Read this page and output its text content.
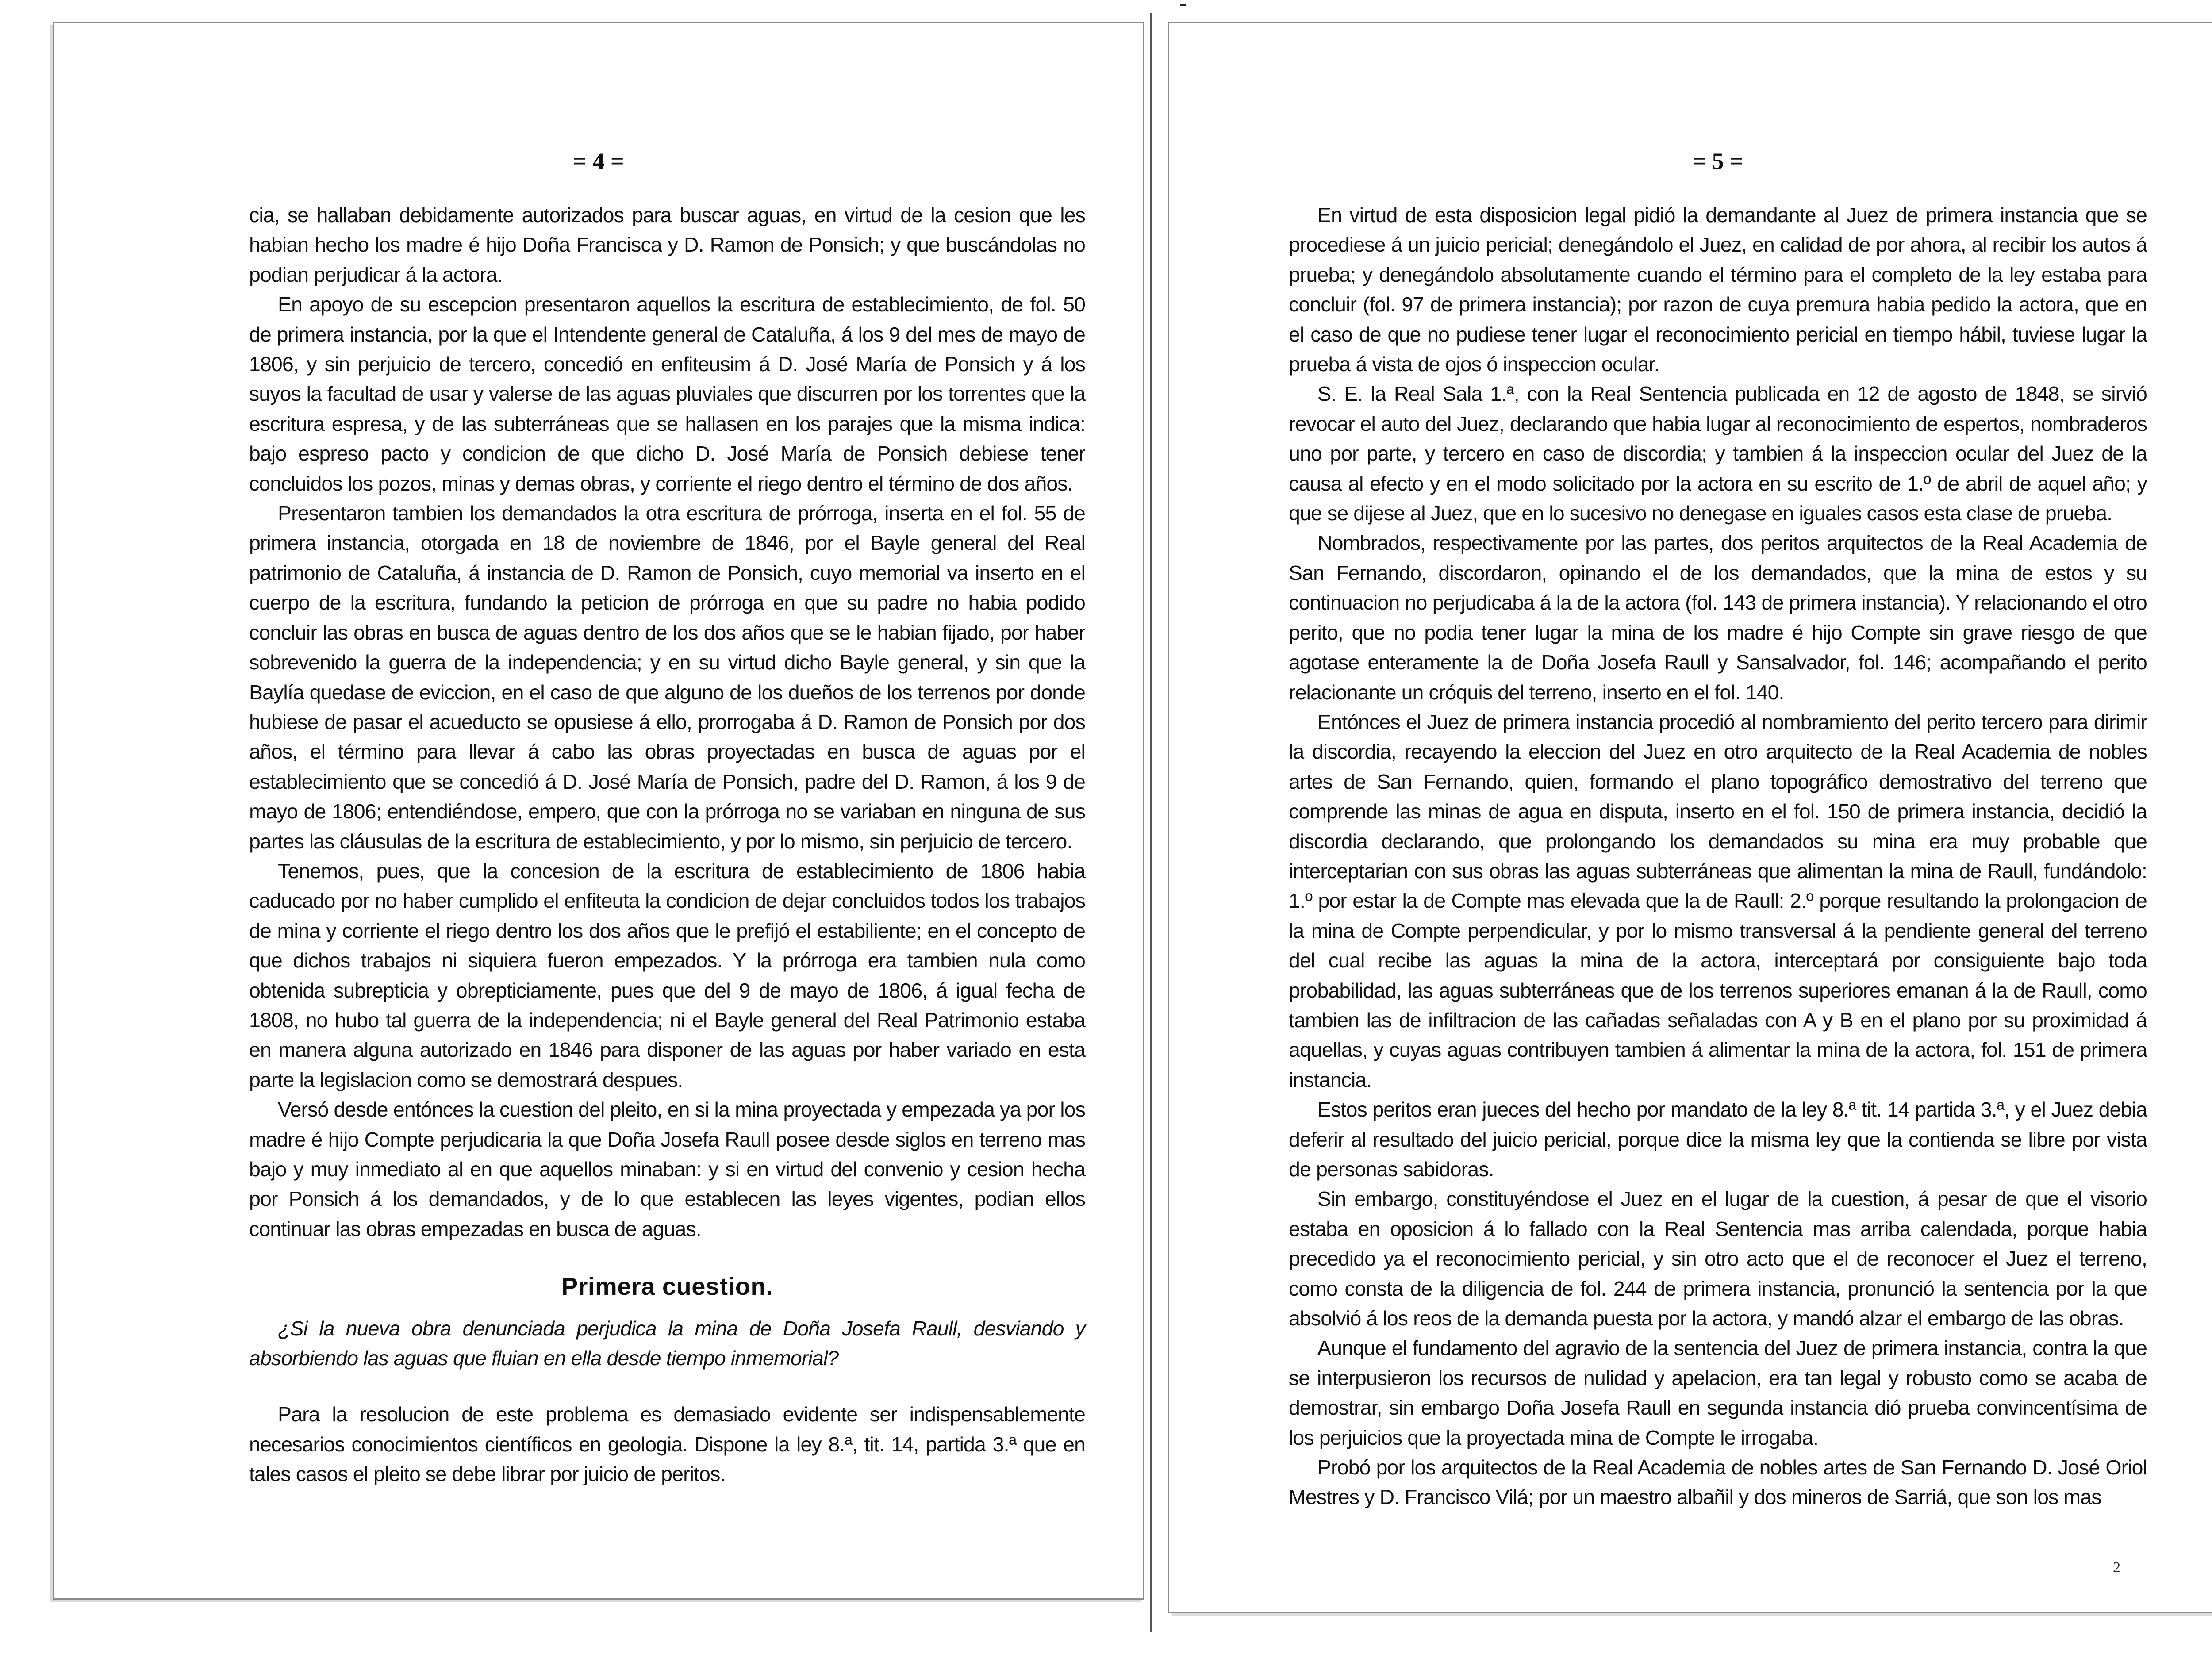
= 4 =

cia, se hallaban debidamente autorizados para buscar aguas, en virtud de la cesion que les habian hecho los madre é hijo Doña Francisca y D. Ramon de Ponsich; y que buscándolas no podian perjudicar á la actora.

En apoyo de su escepcion presentaron aquellos la escritura de establecimiento, de fol. 50 de primera instancia, por la que el Intendente general de Cataluña, á los 9 del mes de mayo de 1806, y sin perjuicio de tercero, concedió en enfiteusim á D. José María de Ponsich y á los suyos la facultad de usar y valerse de las aguas pluviales que discurren por los torrentes que la escritura espresa, y de las subterráneas que se hallasen en los parajes que la misma indica: bajo espreso pacto y condicion de que dicho D. José María de Ponsich debiese tener concluidos los pozos, minas y demas obras, y corriente el riego dentro el término de dos años.

Presentaron tambien los demandados la otra escritura de prórroga, inserta en el fol. 55 de primera instancia, otorgada en 18 de noviembre de 1846, por el Bayle general del Real patrimonio de Cataluña, á instancia de D. Ramon de Ponsich, cuyo memorial va inserto en el cuerpo de la escritura, fundando la peticion de prórroga en que su padre no habia podido concluir las obras en busca de aguas dentro de los dos años que se le habian fijado, por haber sobrevenido la guerra de la independencia; y en su virtud dicho Bayle general, y sin que la Baylía quedase de eviccion, en el caso de que alguno de los dueños de los terrenos por donde hubiese de pasar el acueducto se opusiese á ello, prorrogaba á D. Ramon de Ponsich por dos años, el término para llevar á cabo las obras proyectadas en busca de aguas por el establecimiento que se concedió á D. José María de Ponsich, padre del D. Ramon, á los 9 de mayo de 1806; entendiéndose, empero, que con la prórroga no se variaban en ninguna de sus partes las cláusulas de la escritura de establecimiento, y por lo mismo, sin perjuicio de tercero.

Tenemos, pues, que la concesion de la escritura de establecimiento de 1806 habia caducado por no haber cumplido el enfiteuta la condicion de dejar concluidos todos los trabajos de mina y corriente el riego dentro los dos años que le prefijó el estabiliente; en el concepto de que dichos trabajos ni siquiera fueron empezados. Y la prórroga era tambien nula como obtenida subrepticia y obrepticiamente, pues que del 9 de mayo de 1806, á igual fecha de 1808, no hubo tal guerra de la independencia; ni el Bayle general del Real Patrimonio estaba en manera alguna autorizado en 1846 para disponer de las aguas por haber variado en esta parte la legislacion como se demostrará despues.

Versó desde entónces la cuestion del pleito, en si la mina proyectada y empezada ya por los madre é hijo Compte perjudicaria la que Doña Josefa Raull posee desde siglos en terreno mas bajo y muy inmediato al en que aquellos minaban: y si en virtud del convenio y cesion hecha por Ponsich á los demandados, y de lo que establecen las leyes vigentes, podian ellos continuar las obras empezadas en busca de aguas.

Primera cuestion.

¿Si la nueva obra denunciada perjudica la mina de Doña Josefa Raull, desviando y absorbiendo las aguas que fluian en ella desde tiempo inmemorial?

Para la resolucion de este problema es demasiado evidente ser indispensablemente necesarios conocimientos científicos en geologia. Dispone la ley 8.ª, tit. 14, partida 3.ª que en tales casos el pleito se debe librar por juicio de peritos.

= 5 =

En virtud de esta disposicion legal pidió la demandante al Juez de primera instancia que se procediese á un juicio pericial; denegándolo el Juez, en calidad de por ahora, al recibir los autos á prueba; y denegándolo absolutamente cuando el término para el completo de la ley estaba para concluir (fol. 97 de primera instancia); por razon de cuya premura habia pedido la actora, que en el caso de que no pudiese tener lugar el reconocimiento pericial en tiempo hábil, tuviese lugar la prueba á vista de ojos ó inspeccion ocular.

S. E. la Real Sala 1.ª, con la Real Sentencia publicada en 12 de agosto de 1848, se sirvió revocar el auto del Juez, declarando que habia lugar al reconocimiento de espertos, nombraderos uno por parte, y tercero en caso de discordia; y tambien á la inspeccion ocular del Juez de la causa al efecto y en el modo solicitado por la actora en su escrito de 1.º de abril de aquel año; y que se dijese al Juez, que en lo sucesivo no denegase en iguales casos esta clase de prueba.

Nombrados, respectivamente por las partes, dos peritos arquitectos de la Real Academia de San Fernando, discordaron, opinando el de los demandados, que la mina de estos y su continuacion no perjudicaba á la de la actora (fol. 143 de primera instancia). Y relacionando el otro perito, que no podia tener lugar la mina de los madre é hijo Compte sin grave riesgo de que agotase enteramente la de Doña Josefa Raull y Sansalvador, fol. 146; acompañando el perito relacionante un cróquis del terreno, inserto en el fol. 140.

Entónces el Juez de primera instancia procedió al nombramiento del perito tercero para dirimir la discordia, recayendo la eleccion del Juez en otro arquitecto de la Real Academia de nobles artes de San Fernando, quien, formando el plano topográfico demostrativo del terreno que comprende las minas de agua en disputa, inserto en el fol. 150 de primera instancia, decidió la discordia declarando, que prolongando los demandados su mina era muy probable que interceptarian con sus obras las aguas subterráneas que alimentan la mina de Raull, fundándolo: 1.º por estar la de Compte mas elevada que la de Raull: 2.º porque resultando la prolongacion de la mina de Compte perpendicular, y por lo mismo transversal á la pendiente general del terreno del cual recibe las aguas la mina de la actora, interceptará por consiguiente bajo toda probabilidad, las aguas subterráneas que de los terrenos superiores emanan á la de Raull, como tambien las de infiltracion de las cañadas señaladas con A y B en el plano por su proximidad á aquellas, y cuyas aguas contribuyen tambien á alimentar la mina de la actora, fol. 151 de primera instancia.

Estos peritos eran jueces del hecho por mandato de la ley 8.ª tit. 14 partida 3.ª, y el Juez debia deferir al resultado del juicio pericial, porque dice la misma ley que la contienda se libre por vista de personas sabidoras.

Sin embargo, constituyéndose el Juez en el lugar de la cuestion, á pesar de que el visorio estaba en oposicion á lo fallado con la Real Sentencia mas arriba calendada, porque habia precedido ya el reconocimiento pericial, y sin otro acto que el de reconocer el Juez el terreno, como consta de la diligencia de fol. 244 de primera instancia, pronunció la sentencia por la que absolvió á los reos de la demanda puesta por la actora, y mandó alzar el embargo de las obras.

Aunque el fundamento del agravio de la sentencia del Juez de primera instancia, contra la que se interpusieron los recursos de nulidad y apelacion, era tan legal y robusto como se acaba de demostrar, sin embargo Doña Josefa Raull en segunda instancia dió prueba convincentísima de los perjuicios que la proyectada mina de Compte le irrogaba.

Probó por los arquitectos de la Real Academia de nobles artes de San Fernando D. José Oriol Mestres y D. Francisco Vilá; por un maestro albañil y dos mineros de Sarriá, que son los mas

2
